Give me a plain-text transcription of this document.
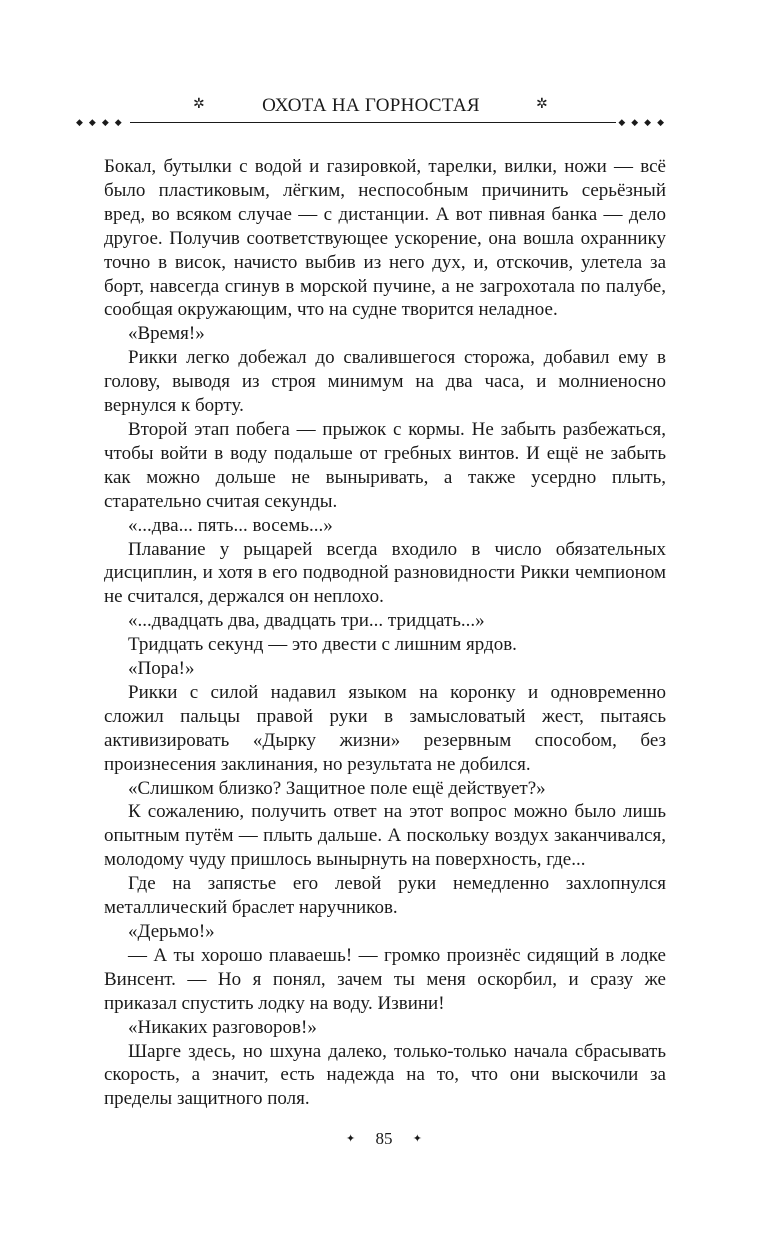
✲	ОХОТА НА ГОРНОСТАЯ	✲
◆◆◆◆	◆◆◆◆

Бокал, бутылки с водой и газировкой, тарелки, вилки, ножи — всё было пластиковым, лёгким, неспособным причинить серьёзный вред, во всяком случае — с дистанции. А вот пивная банка — дело другое. Получив соответствующее ускорение, она вошла охраннику точно в висок, начисто выбив из него дух, и, отскочив, улетела за борт, навсегда сгинув в морской пучине, а не загрохотала по палубе, сообщая окружающим, что на судне творится неладное.

«Время!»

Рикки легко добежал до свалившегося сторожа, добавил ему в голову, выводя из строя минимум на два часа, и молниеносно вернулся к борту.

Второй этап побега — прыжок с кормы. Не забыть разбежаться, чтобы войти в воду подальше от гребных винтов. И ещё не забыть как можно дольше не выныривать, а также усердно плыть, старательно считая секунды.

«...два... пять... восемь...»

Плавание у рыцарей всегда входило в число обязательных дисциплин, и хотя в его подводной разновидности Рикки чемпионом не считался, держался он неплохо.

«...двадцать два, двадцать три... тридцать...»

Тридцать секунд — это двести с лишним ярдов.

«Пора!»

Рикки с силой надавил языком на коронку и одновременно сложил пальцы правой руки в замысловатый жест, пытаясь активизировать «Дырку жизни» резервным способом, без произнесения заклинания, но результата не добился.

«Слишком близко? Защитное поле ещё действует?»

К сожалению, получить ответ на этот вопрос можно было лишь опытным путём — плыть дальше. А поскольку воздух заканчивался, молодому чуду пришлось вынырнуть на поверхность, где...

Где на запястье его левой руки немедленно захлопнулся металлический браслет наручников.

«Дерьмо!»

— А ты хорошо плаваешь! — громко произнёс сидящий в лодке Винсент. — Но я понял, зачем ты меня оскорбил, и сразу же приказал спустить лодку на воду. Извини!

«Никаких разговоров!»

Шарге здесь, но шхуна далеко, только-только начала сбрасывать скорость, а значит, есть надежда на то, что они выскочили за пределы защитного поля.

✦ 85 ✦
